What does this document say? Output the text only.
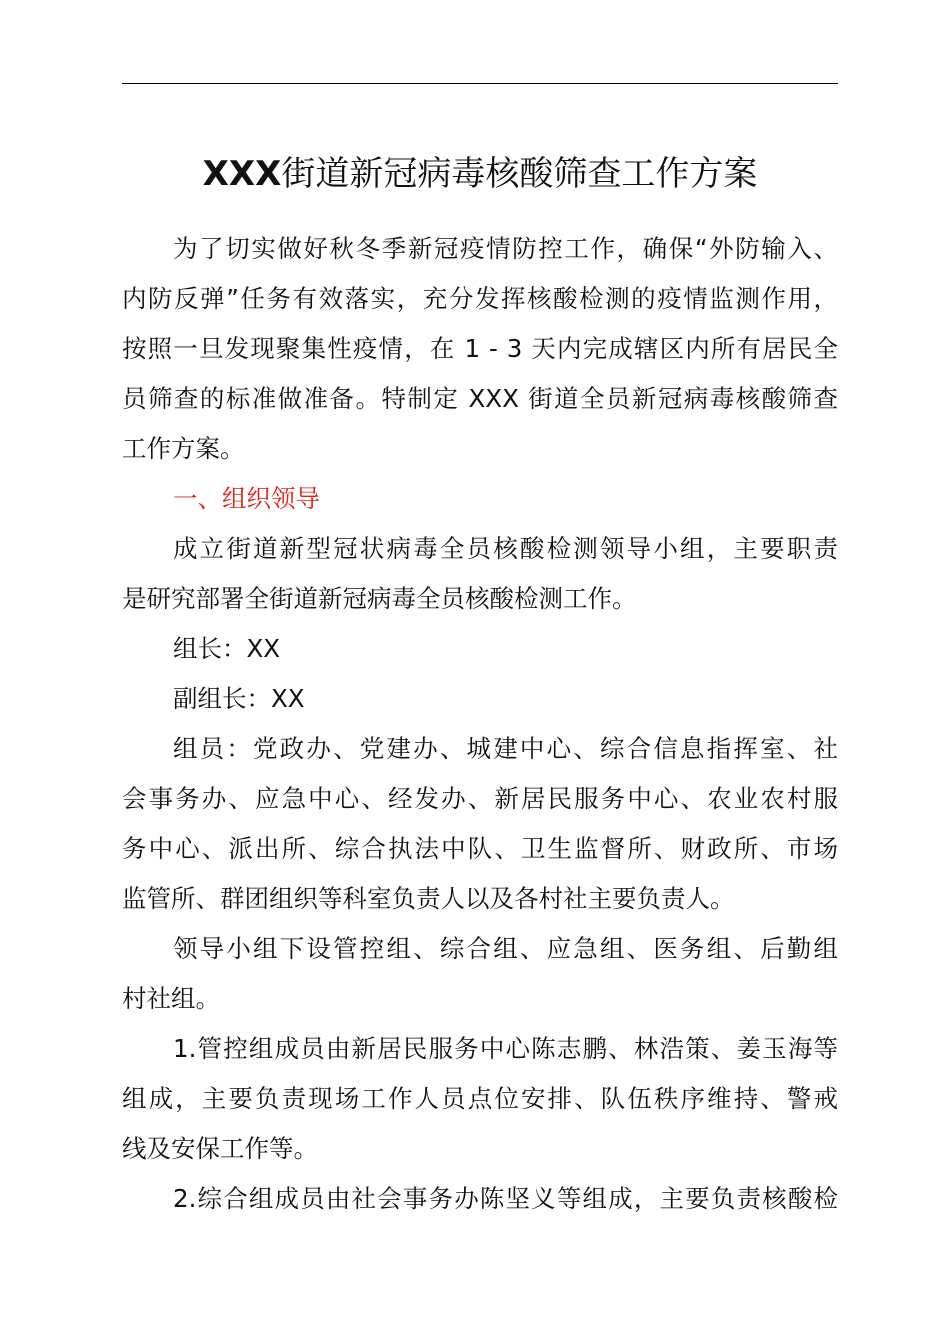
XXX街道新冠病毒核酸筛查工作方案

为了切实做好秋冬季新冠疫情防控工作，确保“外防输入、
内防反弹”任务有效落实，充分发挥核酸检测的疫情监测作用，
按照一旦发现聚集性疫情，在 1 - 3 天内完成辖区内所有居民全
员筛查的标准做准备。特制定 XXX 街道全员新冠病毒核酸筛查
工作方案。

一、组织领导

成立街道新型冠状病毒全员核酸检测领导小组，主要职责
是研究部署全街道新冠病毒全员核酸检测工作。

组长：XX

副组长：XX

组员：党政办、党建办、城建中心、综合信息指挥室、社
会事务办、应急中心、经发办、新居民服务中心、农业农村服
务中心、派出所、综合执法中队、卫生监督所、财政所、市场
监管所、群团组织等科室负责人以及各村社主要负责人。

领导小组下设管控组、综合组、应急组、医务组、后勤组
村社组。

1.管控组成员由新居民服务中心陈志鹏、林浩策、姜玉海等
组成，主要负责现场工作人员点位安排、队伍秩序维持、警戒
线及安保工作等。

2.综合组成员由社会事务办陈坚义等组成，主要负责核酸检
